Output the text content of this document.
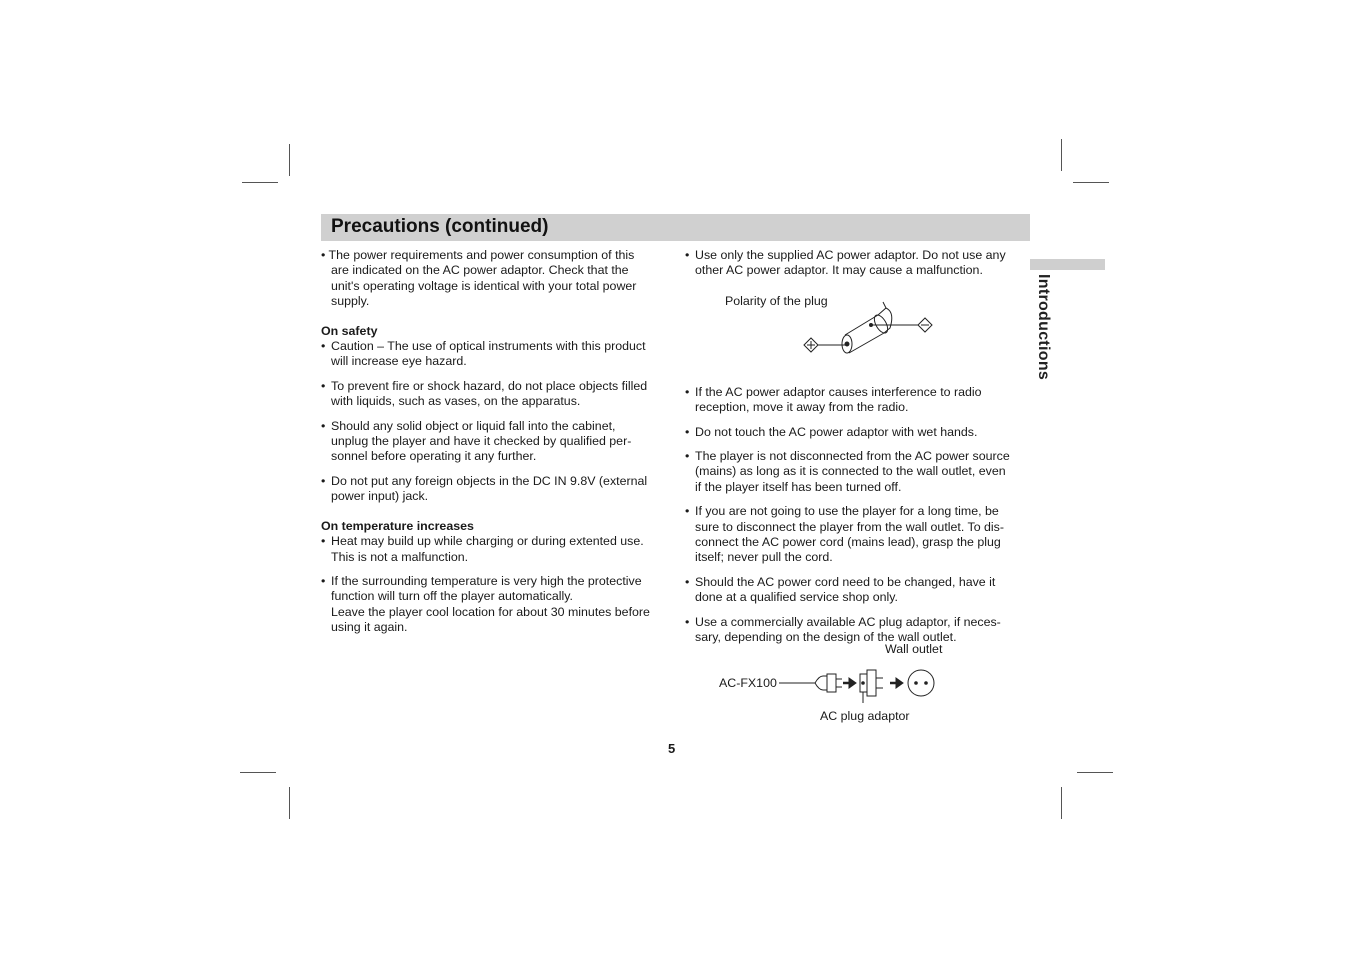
Precautions (continued)
Introductions
• The power requirements and power consumption of this
are indicated on the AC power adaptor. Check that the
unit's operating voltage is identical with your total power
supply.
On safety
• Caution – The use of optical instruments with this product
will increase eye hazard.
• To prevent fire or shock hazard, do not place objects filled
with liquids, such as vases, on the apparatus.
• Should any solid object or liquid fall into the cabinet,
unplug the player and have it checked by qualified per-
sonnel before operating it any further.
• Do not put any foreign objects in the DC IN 9.8V (external
power input) jack.
On temperature increases
• Heat may build up while charging or during extented use.
This is not a malfunction.
• If the surrounding temperature is very high the protective
function will turn off the player automatically.
Leave the player cool location for about 30 minutes before
using it again.
• Use only the supplied AC power adaptor. Do not use any
other AC power adaptor. It may cause a malfunction.
• If the AC power adaptor causes interference to radio
reception, move it away from the radio.
• Do not touch the AC power adaptor with wet hands.
• The player is not disconnected from the AC power source
(mains) as long as it is connected to the wall outlet, even
if the player itself has been turned off.
• If you are not going to use the player for a long time, be
sure to disconnect the player from the wall outlet. To dis-
connect the AC power cord (mains lead), grasp the plug
itself; never pull the cord.
• Should the AC power cord need to be changed, have it
done at a qualified service shop only.
• Use a commercially available AC plug adaptor, if neces-
sary, depending on the design of the wall outlet.
Polarity of the plug
Wall outlet
AC-FX100
AC plug adaptor
5
